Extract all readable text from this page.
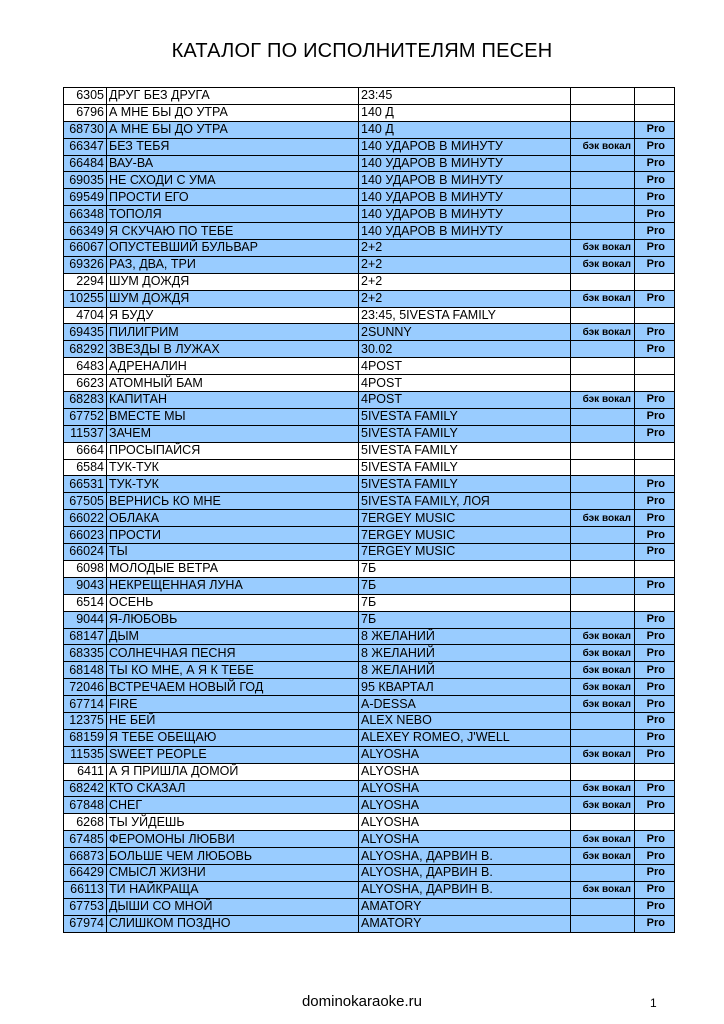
КАТАЛОГ ПО ИСПОЛНИТЕЛЯМ ПЕСЕН
6305	ДРУГ БЕЗ ДРУГА	23:45		
6796	А МНЕ БЫ ДО УТРА	140 Д		
68730	А МНЕ БЫ ДО УТРА	140 Д		Pro
66347	БЕЗ ТЕБЯ	140 УДАРОВ В МИНУТУ	бэк вокал	Pro
66484	ВАУ-ВА	140 УДАРОВ В МИНУТУ		Pro
69035	НЕ СХОДИ С УМА	140 УДАРОВ В МИНУТУ		Pro
69549	ПРОСТИ ЕГО	140 УДАРОВ В МИНУТУ		Pro
66348	ТОПОЛЯ	140 УДАРОВ В МИНУТУ		Pro
66349	Я СКУЧАЮ ПО ТЕБЕ	140 УДАРОВ В МИНУТУ		Pro
66067	ОПУСТЕВШИЙ БУЛЬВАР	2+2	бэк вокал	Pro
69326	РАЗ, ДВА, ТРИ	2+2	бэк вокал	Pro
2294	ШУМ ДОЖДЯ	2+2		
10255	ШУМ ДОЖДЯ	2+2	бэк вокал	Pro
4704	Я БУДУ	23:45, 5IVESTA FAMILY		
69435	ПИЛИГРИМ	2SUNNY	бэк вокал	Pro
68292	ЗВЕЗДЫ В ЛУЖАХ	30.02		Pro
6483	АДРЕНАЛИН	4POST		
6623	АТОМНЫЙ БАМ	4POST		
68283	КАПИТАН	4POST	бэк вокал	Pro
67752	ВМЕСТЕ МЫ	5IVESTA FAMILY		Pro
11537	ЗАЧЕМ	5IVESTA FAMILY		Pro
6664	ПРОСЫПАЙСЯ	5IVESTA FAMILY		
6584	ТУК-ТУК	5IVESTA FAMILY		
66531	ТУК-ТУК	5IVESTA FAMILY		Pro
67505	ВЕРНИСЬ КО МНЕ	5IVESTA FAMILY, ЛОЯ		Pro
66022	ОБЛАКА	7ERGEY MUSIC	бэк вокал	Pro
66023	ПРОСТИ	7ERGEY MUSIC		Pro
66024	ТЫ	7ERGEY MUSIC		Pro
6098	МОЛОДЫЕ ВЕТРА	7Б		
9043	НЕКРЕЩЕННАЯ ЛУНА	7Б		Pro
6514	ОСЕНЬ	7Б		
9044	Я-ЛЮБОВЬ	7Б		Pro
68147	ДЫМ	8 ЖЕЛАНИЙ	бэк вокал	Pro
68335	СОЛНЕЧНАЯ ПЕСНЯ	8 ЖЕЛАНИЙ	бэк вокал	Pro
68148	ТЫ КО МНЕ, А Я К ТЕБЕ	8 ЖЕЛАНИЙ	бэк вокал	Pro
72046	ВСТРЕЧАЕМ НОВЫЙ ГОД	95 КВАРТАЛ	бэк вокал	Pro
67714	FIRE	A-DESSA	бэк вокал	Pro
12375	НЕ БЕЙ	ALEX NEBO		Pro
68159	Я ТЕБЕ ОБЕЩАЮ	ALEXEY ROMEO, J'WELL		Pro
11535	SWEET PEOPLE	ALYOSHA	бэк вокал	Pro
6411	А Я ПРИШЛА ДОМОЙ	ALYOSHA		
68242	КТО СКАЗАЛ	ALYOSHA	бэк вокал	Pro
67848	СНЕГ	ALYOSHA	бэк вокал	Pro
6268	ТЫ УЙДЕШЬ	ALYOSHA		
67485	ФЕРОМОНЫ ЛЮБВИ	ALYOSHA	бэк вокал	Pro
66873	БОЛЬШЕ ЧЕМ ЛЮБОВЬ	ALYOSHA, ДАРВИН В.	бэк вокал	Pro
66429	СМЫСЛ ЖИЗНИ	ALYOSHA, ДАРВИН В.		Pro
66113	ТИ НАЙКРАЩА	ALYOSHA, ДАРВИН В.	бэк вокал	Pro
67753	ДЫШИ СО МНОЙ	AMATORY		Pro
67974	СЛИШКОМ ПОЗДНО	AMATORY		Pro
dominokaraoke.ru	1
